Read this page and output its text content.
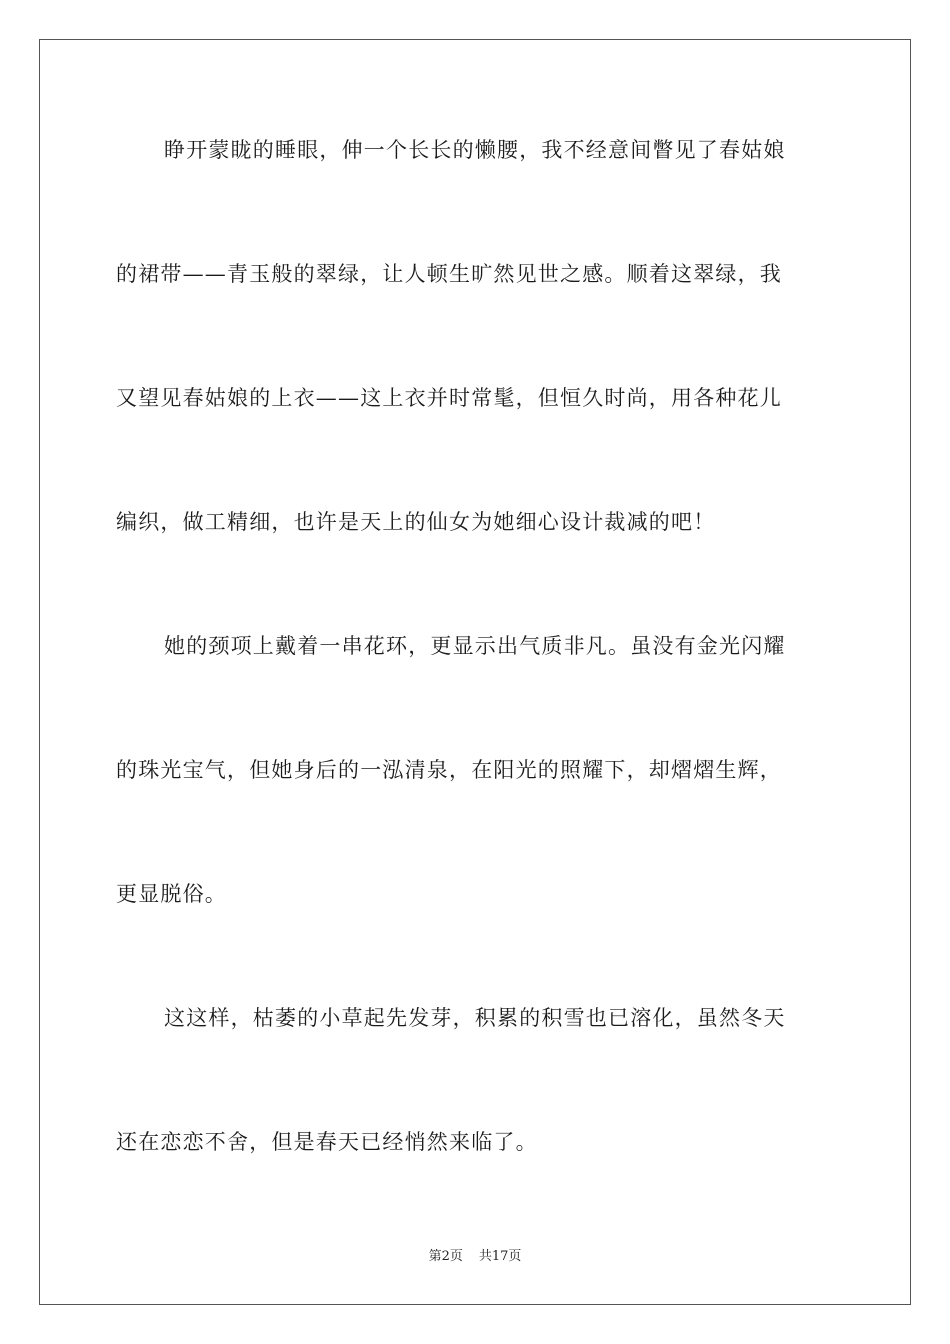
睁开蒙眬的睡眼，伸一个长长的懒腰，我不经意间瞥见了春姑娘
的裙带——青玉般的翠绿，让人顿生旷然见世之感。顺着这翠绿，我
又望见春姑娘的上衣——这上衣并时常髦，但恒久时尚，用各种花儿
编织，做工精细，也许是天上的仙女为她细心设计裁减的吧！
她的颈项上戴着一串花环，更显示出气质非凡。虽没有金光闪耀
的珠光宝气，但她身后的一泓清泉，在阳光的照耀下，却熠熠生辉，
更显脱俗。
这这样，枯萎的小草起先发芽，积累的积雪也已溶化，虽然冬天
还在恋恋不舍，但是春天已经悄然来临了。
第2页 共17页
